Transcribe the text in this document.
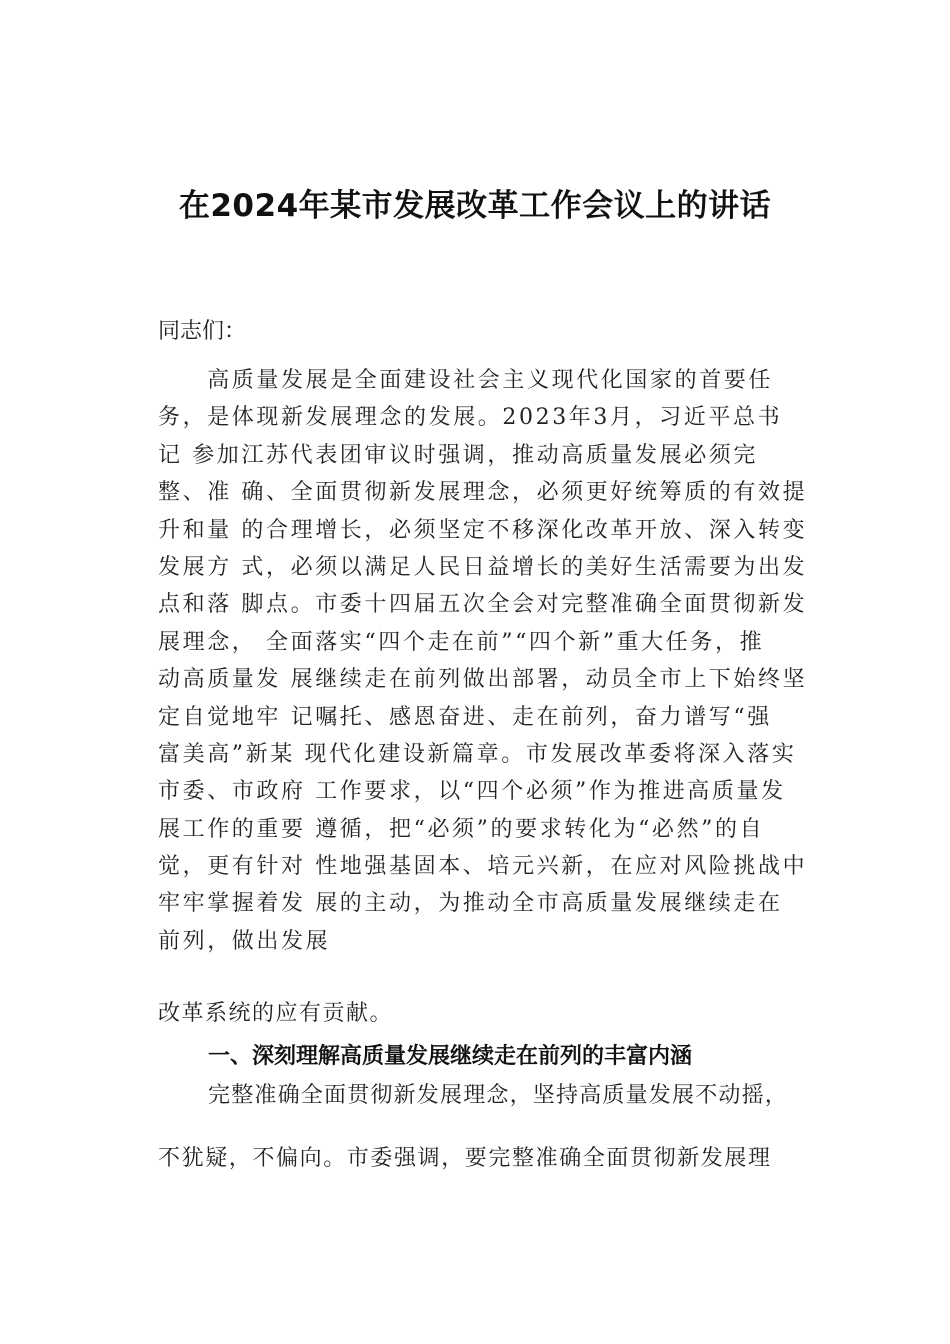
在2024年某市发展改革工作会议上的讲话
同志们：
　　高质量发展是全面建设社会主义现代化国家的首要任
务，是体现新发展理念的发展。2023年3月，习近平总书
记 参加江苏代表团审议时强调，推动高质量发展必须完
整、准 确、全面贯彻新发展理念，必须更好统筹质的有效提
升和量 的合理增长，必须坚定不移深化改革开放、深入转变
发展方 式，必须以满足人民日益增长的美好生活需要为出发
点和落 脚点。市委十四届五次全会对完整准确全面贯彻新发
展理念， 全面落实“四个走在前”“四个新”重大任务，推
动高质量发 展继续走在前列做出部署，动员全市上下始终坚
定自觉地牢 记嘱托、感恩奋进、走在前列，奋力谱写“强
富美高”新某 现代化建设新篇章。市发展改革委将深入落实
市委、市政府 工作要求，以“四个必须”作为推进高质量发
展工作的重要 遵循，把“必须”的要求转化为“必然”的自
觉，更有针对 性地强基固本、培元兴新，在应对风险挑战中
牢牢掌握着发 展的主动，为推动全市高质量发展继续走在
前列，做出发展
改革系统的应有贡献。
一、深刻理解高质量发展继续走在前列的丰富内涵
完整准确全面贯彻新发展理念，坚持高质量发展不动摇，
不犹疑，不偏向。市委强调，要完整准确全面贯彻新发展理
